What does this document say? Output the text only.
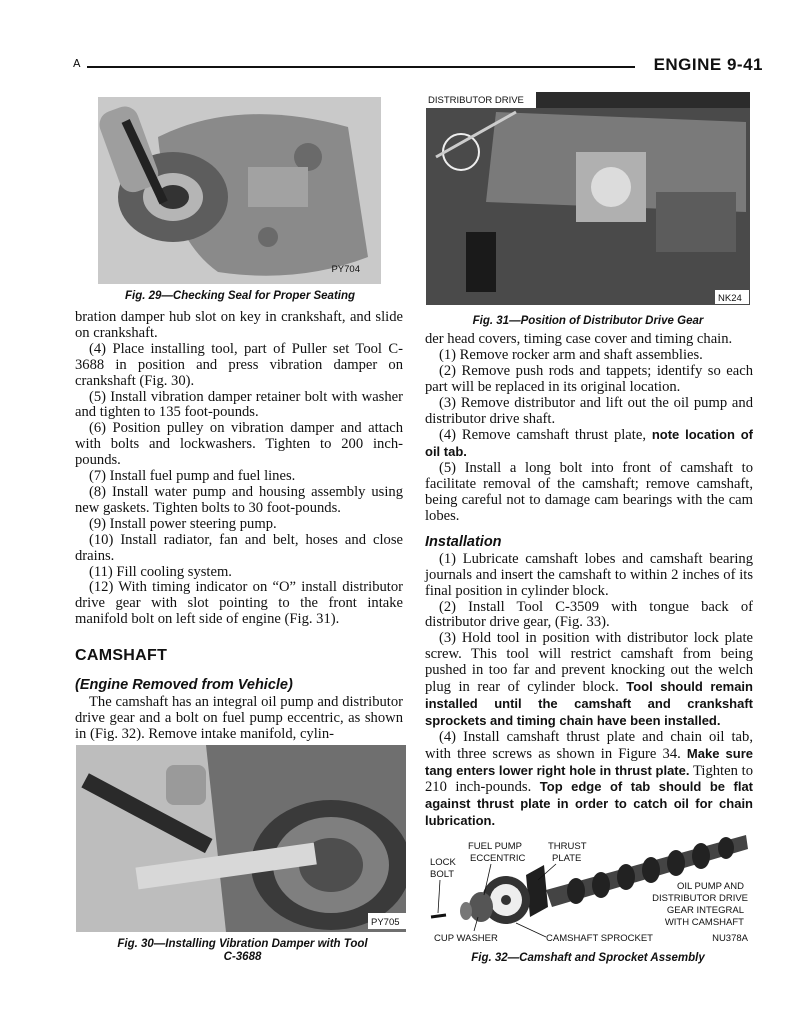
A	ENGINE 9-41
PY704
Fig. 29—Checking Seal for Proper Seating
DISTRIBUTOR DRIVE
NK24
Fig. 31—Position of Distributor Drive Gear

bration damper hub slot on key in crankshaft, and slide on crankshaft.

(4) Place installing tool, part of Puller set Tool C-3688 in position and press vibration damper on crankshaft (Fig. 30).

(5) Install vibration damper retainer bolt with washer and tighten to 135 foot-pounds.

(6) Position pulley on vibration damper and attach with bolts and lockwashers. Tighten to 200 inch-pounds.

(7) Install fuel pump and fuel lines.

(8) Install water pump and housing assembly using new gaskets. Tighten bolts to 30 foot-pounds.

(9) Install power steering pump.

(10) Install radiator, fan and belt, hoses and close drains.

(11) Fill cooling system.

(12) With timing indicator on “O” install distributor drive gear with slot pointing to the front intake manifold bolt on left side of engine (Fig. 31).

CAMSHAFT
(Engine Removed from Vehicle)

The camshaft has an integral oil pump and distributor drive gear and a bolt on fuel pump eccentric, as shown in (Fig. 32). Remove intake manifold, cylin-

PY705
Fig. 30—Installing Vibration Damper with Tool C-3688

der head covers, timing case cover and timing chain.

(1) Remove rocker arm and shaft assemblies.

(2) Remove push rods and tappets; identify so each part will be replaced in its original location.

(3) Remove distributor and lift out the oil pump and distributor drive shaft.

(4) Remove camshaft thrust plate, note location of oil tab.

(5) Install a long bolt into front of camshaft to facilitate removal of the camshaft; remove camshaft, being careful not to damage cam bearings with the cam lobes.

Installation

(1) Lubricate camshaft lobes and camshaft bearing journals and insert the camshaft to within 2 inches of its final position in cylinder block.

(2) Install Tool C-3509 with tongue back of distributor drive gear, (Fig. 33).

(3) Hold tool in position with distributor lock plate screw. This tool will restrict camshaft from being pushed in too far and prevent knocking out the welch plug in rear of cylinder block. Tool should remain installed until the camshaft and crankshaft sprockets and timing chain have been installed.

(4) Install camshaft thrust plate and chain oil tab, with three screws as shown in Figure 34. Make sure tang enters lower right hole in thrust plate. Tighten to 210 inch-pounds. Top edge of tab should be flat against thrust plate in order to catch oil for chain lubrication.

LOCK
BOLT
FUEL PUMP
ECCENTRIC
THRUST
PLATE
OIL PUMP AND
DISTRIBUTOR DRIVE
GEAR INTEGRAL
WITH CAMSHAFT
CUP WASHER	CAMSHAFT SPROCKET	NU378A
Fig. 32—Camshaft and Sprocket Assembly
